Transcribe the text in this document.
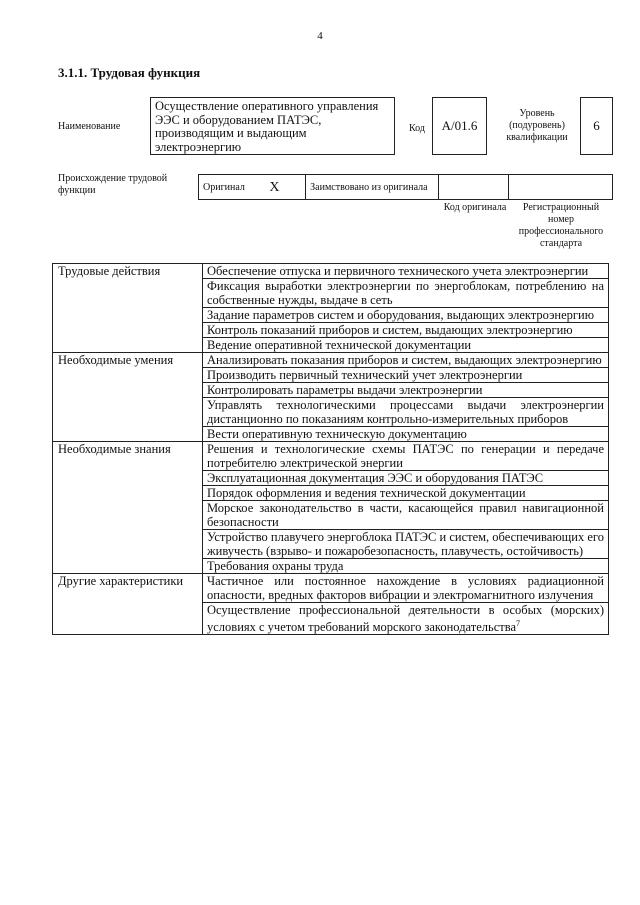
4
3.1.1. Трудовая функция
Наименование
Осуществление оперативного управления ЭЭС и оборудованием ПАТЭС, производящим и выдающим электроэнергию
Код	A/01.6
Уровень (подуровень) квалификации
6
Происхождение трудовой функции	Оригинал	X	Заимствовано из оригинала		
Код оригинала	Регистрационный номер профессионального стандарта
Трудовые действия	Обеспечение отпуска и первичного технического учета электроэнергии
	Фиксация выработки электроэнергии по энергоблокам, потреблению на собственные нужды, выдаче в сеть
	Задание параметров систем и оборудования, выдающих электроэнергию
	Контроль показаний приборов и систем, выдающих электроэнергию
	Ведение оперативной технической документации
Необходимые умения	Анализировать показания приборов и систем, выдающих электроэнергию
	Производить первичный технический учет электроэнергии
	Контролировать параметры выдачи электроэнергии
	Управлять технологическими процессами выдачи электроэнергии дистанционно по показаниям контрольно-измерительных приборов
	Вести оперативную техническую документацию
Необходимые знания	Решения и технологические схемы ПАТЭС по генерации и передаче потребителю электрической энергии
	Эксплуатационная документация ЭЭС и оборудования ПАТЭС
	Порядок оформления и ведения технической документации
	Морское законодательство в части, касающейся правил навигационной безопасности
	Устройство плавучего энергоблока ПАТЭС и систем, обеспечивающих его живучесть (взрыво- и пожаробезопасность, плавучесть, остойчивость)
	Требования охраны труда
Другие характеристики	Частичное или постоянное нахождение в условиях радиационной опасности, вредных факторов вибрации и электромагнитного излучения
	Осуществление профессиональной деятельности в особых (морских) условиях с учетом требований морского законодательства$^7$
